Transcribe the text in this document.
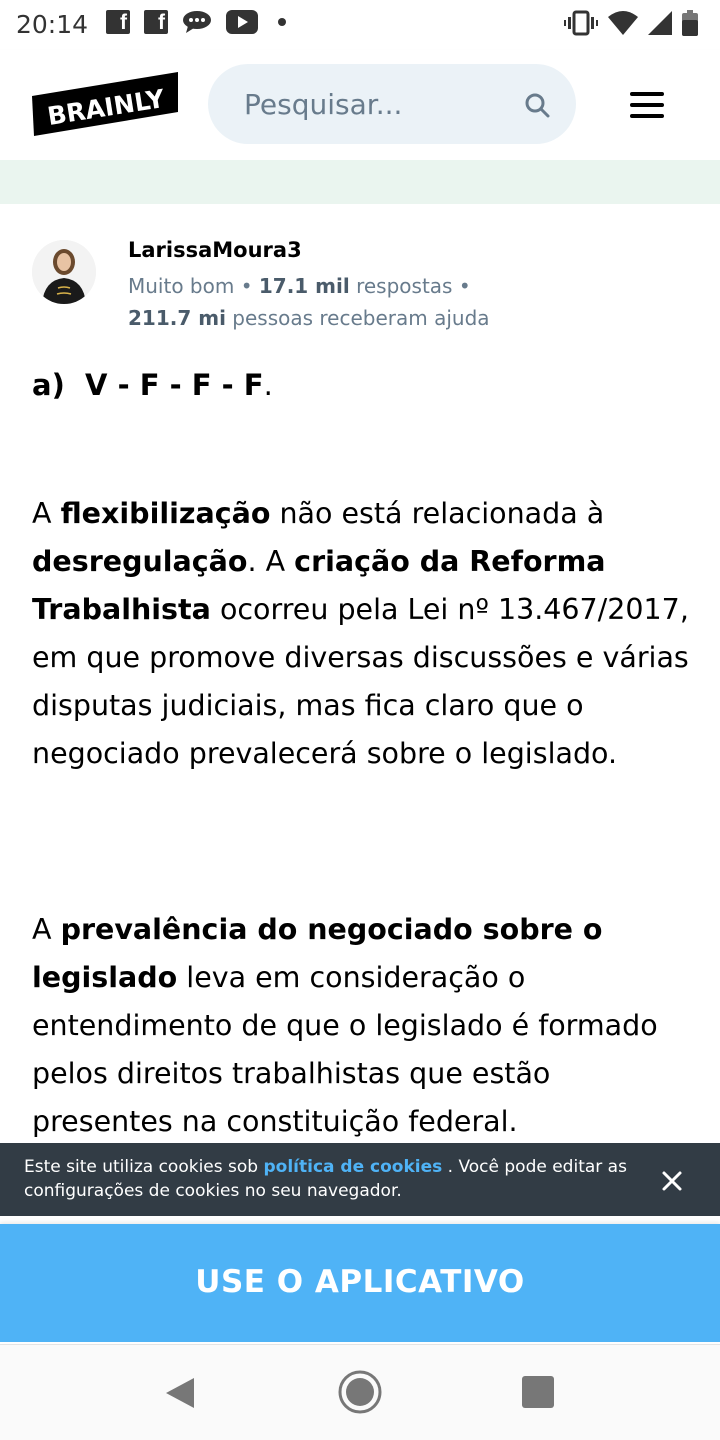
20:14	f	f
BRAINLY
Pesquisar...
LarissaMoura3
Muito bom • 17.1 mil respostas •
211.7 mi pessoas receberam ajuda
a) V - F - F - F.
A flexibilização não está relacionada à desregulação. A criação da Reforma Trabalhista ocorreu pela Lei nº 13.467/2017, em que promove diversas discussões e várias disputas judiciais, mas fica claro que o negociado prevalecerá sobre o legislado.
A prevalência do negociado sobre o legislado leva em consideração o entendimento de que o legislado é formado pelos direitos trabalhistas que estão presentes na constituição federal.
Este site utiliza cookies sob política de cookies . Você pode editar as configurações de cookies no seu navegador.
USE O APLICATIVO
